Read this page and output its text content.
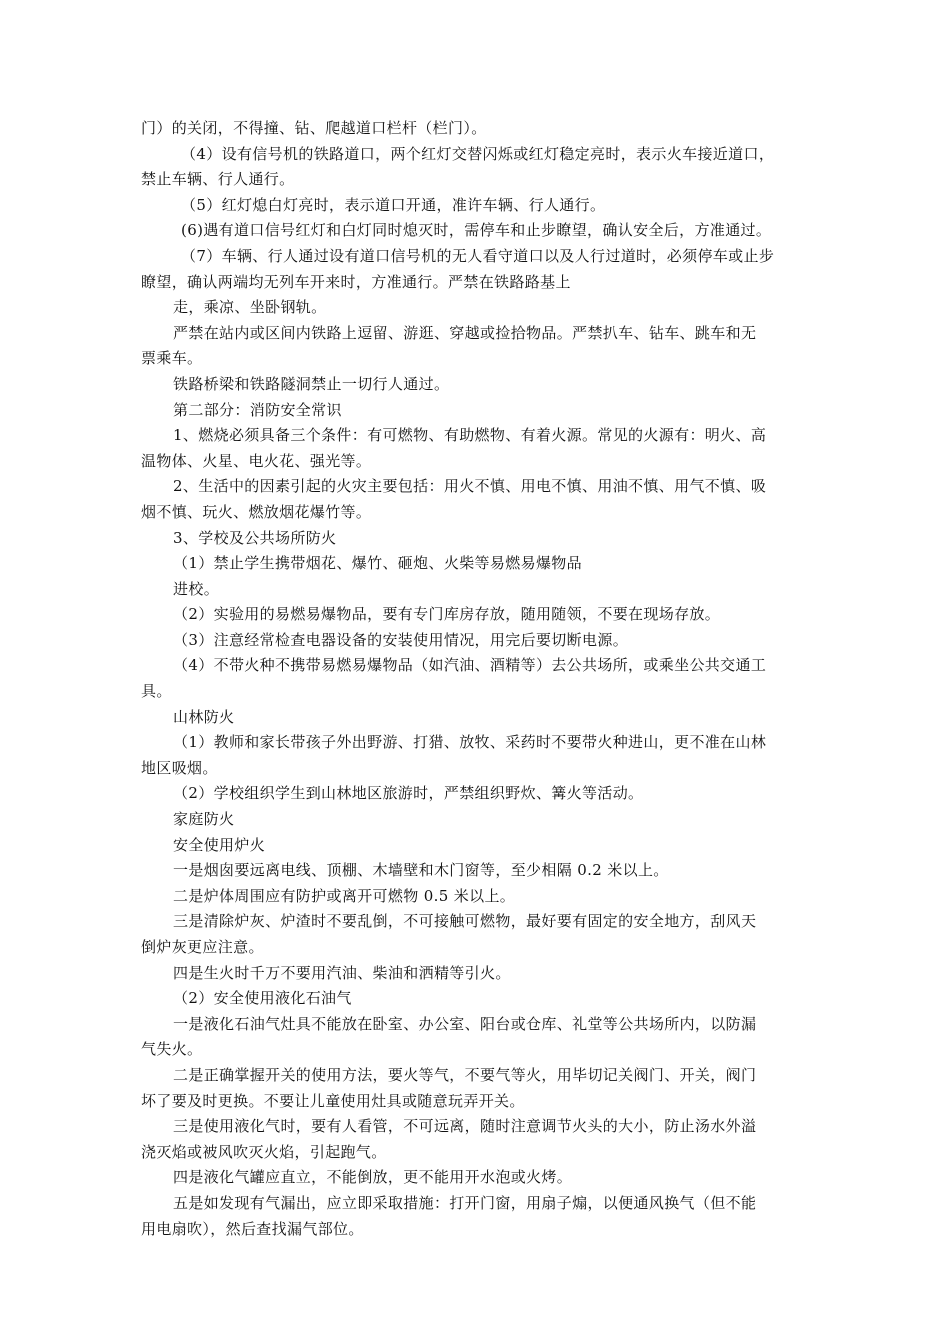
门）的关闭，不得撞、钻、爬越道口栏杆（栏门）。
（4）设有信号机的铁路道口，两个红灯交替闪烁或红灯稳定亮时，表示火车接近道口，
禁止车辆、行人通行。
（5）红灯熄白灯亮时，表示道口开通，准许车辆、行人通行。
(6)遇有道口信号红灯和白灯同时熄灭时，需停车和止步瞭望，确认安全后，方准通过。
（7）车辆、行人通过设有道口信号机的无人看守道口以及人行过道时，必须停车或止步
瞭望，确认两端均无列车开来时，方准通行。严禁在铁路路基上
走，乘凉、坐卧钢轨。
严禁在站内或区间内铁路上逗留、游逛、穿越或捡拾物品。严禁扒车、钻车、跳车和无
票乘车。
铁路桥梁和铁路隧洞禁止一切行人通过。
第二部分：消防安全常识
1、燃烧必须具备三个条件：有可燃物、有助燃物、有着火源。常见的火源有：明火、高
温物体、火星、电火花、强光等。
2、生活中的因素引起的火灾主要包括：用火不慎、用电不慎、用油不慎、用气不慎、吸
烟不慎、玩火、燃放烟花爆竹等。
3、学校及公共场所防火
（1）禁止学生携带烟花、爆竹、砸炮、火柴等易燃易爆物品
进校。
（2）实验用的易燃易爆物品，要有专门库房存放，随用随领，不要在现场存放。
（3）注意经常检查电器设备的安装使用情况，用完后要切断电源。
（4）不带火种不携带易燃易爆物品（如汽油、酒精等）去公共场所，或乘坐公共交通工
具。
山林防火
（1）教师和家长带孩子外出野游、打猎、放牧、采药时不要带火种进山，更不准在山林
地区吸烟。
（2）学校组织学生到山林地区旅游时，严禁组织野炊、篝火等活动。
家庭防火
安全使用炉火
一是烟囱要远离电线、顶棚、木墙壁和木门窗等，至少相隔 0.2 米以上。
二是炉体周围应有防护或离开可燃物 0.5 米以上。
三是清除炉灰、炉渣时不要乱倒，不可接触可燃物，最好要有固定的安全地方，刮风天
倒炉灰更应注意。
四是生火时千万不要用汽油、柴油和洒精等引火。
（2）安全使用液化石油气
一是液化石油气灶具不能放在卧室、办公室、阳台或仓库、礼堂等公共场所内，以防漏
气失火。
二是正确掌握开关的使用方法，要火等气，不要气等火，用毕切记关阀门、开关，阀门
坏了要及时更换。不要让儿童使用灶具或随意玩弄开关。
三是使用液化气时，要有人看管，不可远离，随时注意调节火头的大小，防止汤水外溢
浇灭焰或被风吹灭火焰，引起跑气。
四是液化气罐应直立，不能倒放，更不能用开水泡或火烤。
五是如发现有气漏出，应立即采取措施：打开门窗，用扇子煽，以便通风换气（但不能
用电扇吹），然后查找漏气部位。
